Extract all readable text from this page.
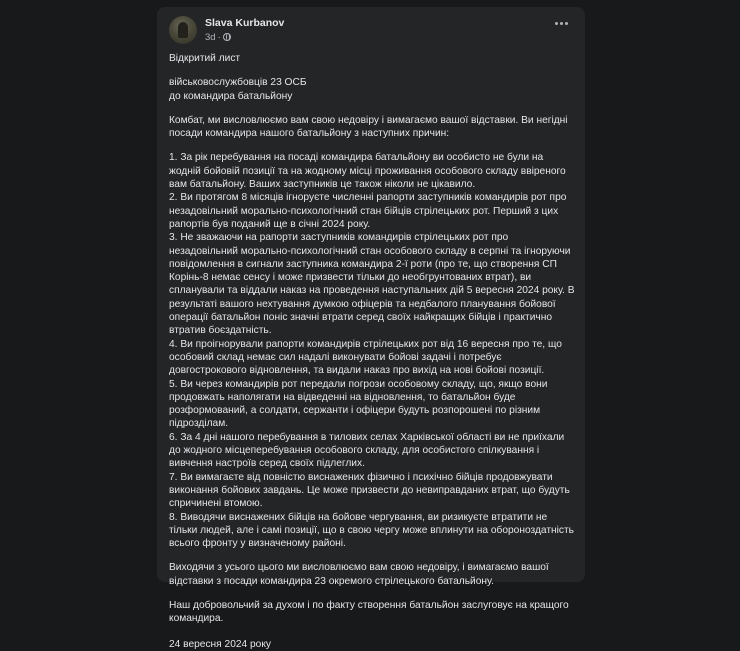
Slava Kurbanov
3d ·

Відкритий лист

військовослужбовців 23 ОСБ

до командира батальйону

Комбат, ми висловлюємо вам свою недовіру і вимагаємо вашої відставки. Ви негідні посади командира нашого батальйону з наступних причин:

1. За рік перебування на посаді командира батальйону ви особисто не були на жодній бойовій позиції та на жодному місці проживання особового складу ввіреного вам батальйону. Ваших заступників це також ніколи не цікавило.

2. Ви протягом 8 місяців ігноруєте численні рапорти заступників командирів рот про незадовільний морально-психологічний стан бійців стрілецьких рот. Перший з цих рапортів був поданий ще в січні 2024 року.

3. Не зважаючи на рапорти заступників командирів стрілецьких рот про незадовільний морально-психологічний стан особового складу в серпні та ігноруючи повідомлення в сигнали заступника командира 2-ї роти (про те, що створення СП Корінь-8 немає сенсу і може призвести тільки до необгрунтованих втрат), ви спланували та віддали наказ на проведення наступальних дій 5 вересня 2024 року. В результаті вашого нехтування думкою офіцерів та недбалого планування бойової операції батальйон поніс значні втрати серед своїх найкращих бійців і практично втратив боєздатність.

4. Ви проігнорували рапорти командирів стрілецьких рот від 16 вересня про те, що особовий склад немає сил надалі виконувати бойові задачі і потребує довгострокового відновлення, та видали наказ про вихід на нові бойові позиції.

5. Ви через командирів рот передали погрози особовому складу, що, якщо вони продовжать наполягати на відведенні на відновлення, то батальйон буде розформований, а солдати, сержанти і офіцери будуть розпорошені по різним підрозділам.

6. За 4 дні нашого перебування в тилових селах Харківської області ви не приїхали до жодного місцеперебування особового складу, для особистого спілкування і вивчення настроїв серед своїх підлеглих.

7. Ви вимагаєте від повністю виснажених фізично і психічно бійців продовжувати виконання бойових завдань. Це може призвести до невиправданих втрат, що будуть спричинені втомою.

8. Виводячи виснажених бійців на бойове чергування, ви ризикуєте втратити не тільки людей, але і самі позиції, що в свою чергу може вплинути на обороноздатність всього фронту у визначеному районі.

Виходячи з усього цього ми висловлюємо вам свою недовіру, і вимагаємо вашої відставки з посади командира 23 окремого стрілецького батальйону.

Наш добровольчий за духом і по факту створення батальйон заслуговує на кращого командира.

24 вересня 2024 року
